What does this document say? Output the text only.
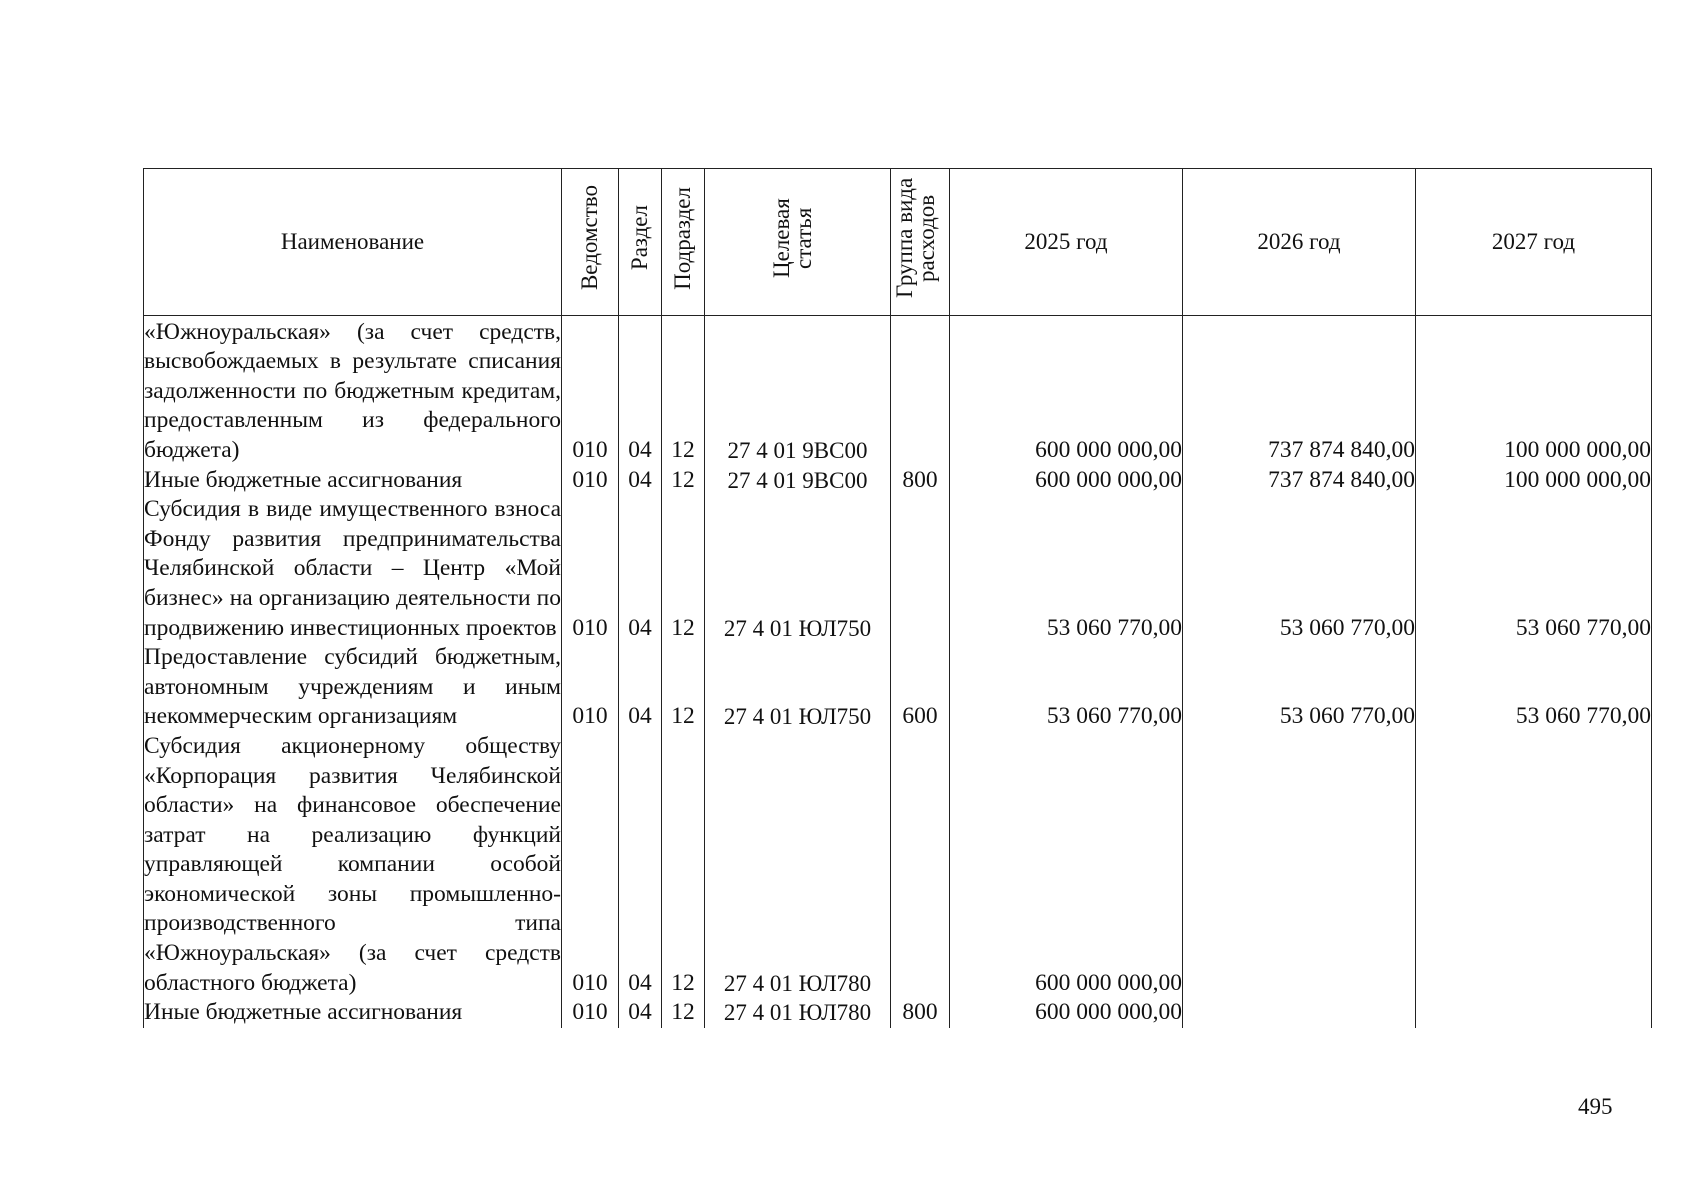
Наименование	Ведомство	Раздел	Подраздел	Целевая статья	Группа вида расходов	2025 год	2026 год	2027 год
«Южноуральская» (за счет средств, высвобождаемых в результате списания задолженности по бюджетным кредитам, предоставленным из федерального бюджета)	010	04	12	27 4 01 9ВС00		600 000 000,00	737 874 840,00	100 000 000,00
Иные бюджетные ассигнования	010	04	12	27 4 01 9ВС00	800	600 000 000,00	737 874 840,00	100 000 000,00
Субсидия в виде имущественного взноса Фонду развития предпринимательства Челябинской области – Центр «Мой бизнес» на организацию деятельности по продвижению инвестиционных проектов	010	04	12	27 4 01 ЮЛ750		53 060 770,00	53 060 770,00	53 060 770,00
Предоставление субсидий бюджетным, автономным учреждениям и иным некоммерческим организациям	010	04	12	27 4 01 ЮЛ750	600	53 060 770,00	53 060 770,00	53 060 770,00
Субсидия акционерному обществу «Корпорация развития Челябинской области» на финансовое обеспечение затрат на реализацию функций управляющей компании особой экономической зоны промышленно-производственного типа «Южноуральская» (за счет средств областного бюджета)	010	04	12	27 4 01 ЮЛ780		600 000 000,00		
Иные бюджетные ассигнования	010	04	12	27 4 01 ЮЛ780	800	600 000 000,00		
495
